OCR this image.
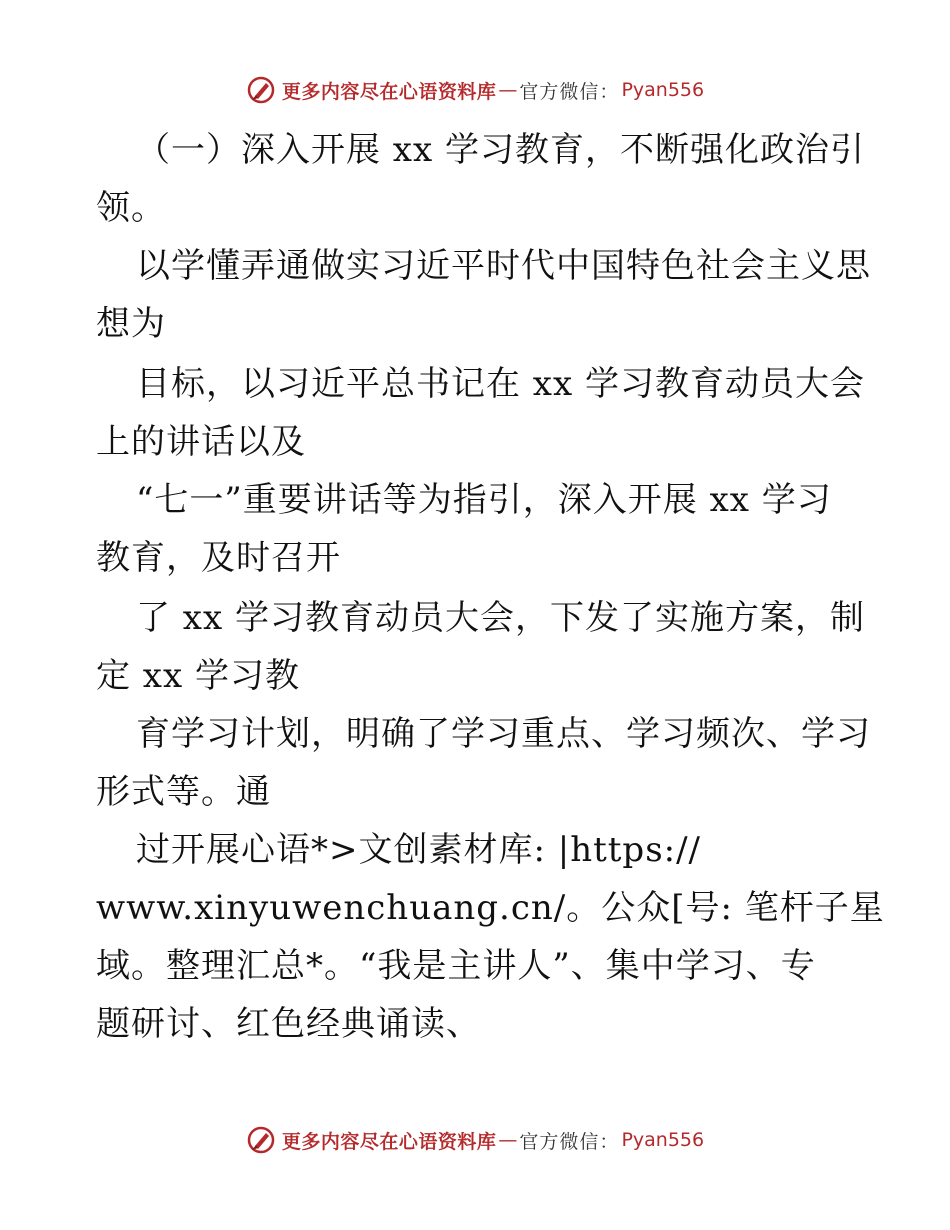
更多内容尽在心语资料库 — 官方微信： Pyan556
（一）深入开展 xx 学习教育，不断强化政治引
领。
以学懂弄通做实习近平时代中国特色社会主义思
想为
目标，以习近平总书记在 xx 学习教育动员大会
上的讲话以及
“七一”重要讲话等为指引，深入开展 xx 学习
教育，及时召开
了 xx 学习教育动员大会，下发了实施方案，制
定 xx 学习教
育学习计划，明确了学习重点、学习频次、学习
形式等。通
过开展心语*>文创素材库: |https://
www.xinyuwenchuang.cn/。公众[号: 笔杆子星
域。整理汇总*。“我是主讲人”、集中学习、专
题研讨、红色经典诵读、
更多内容尽在心语资料库 — 官方微信： Pyan556
